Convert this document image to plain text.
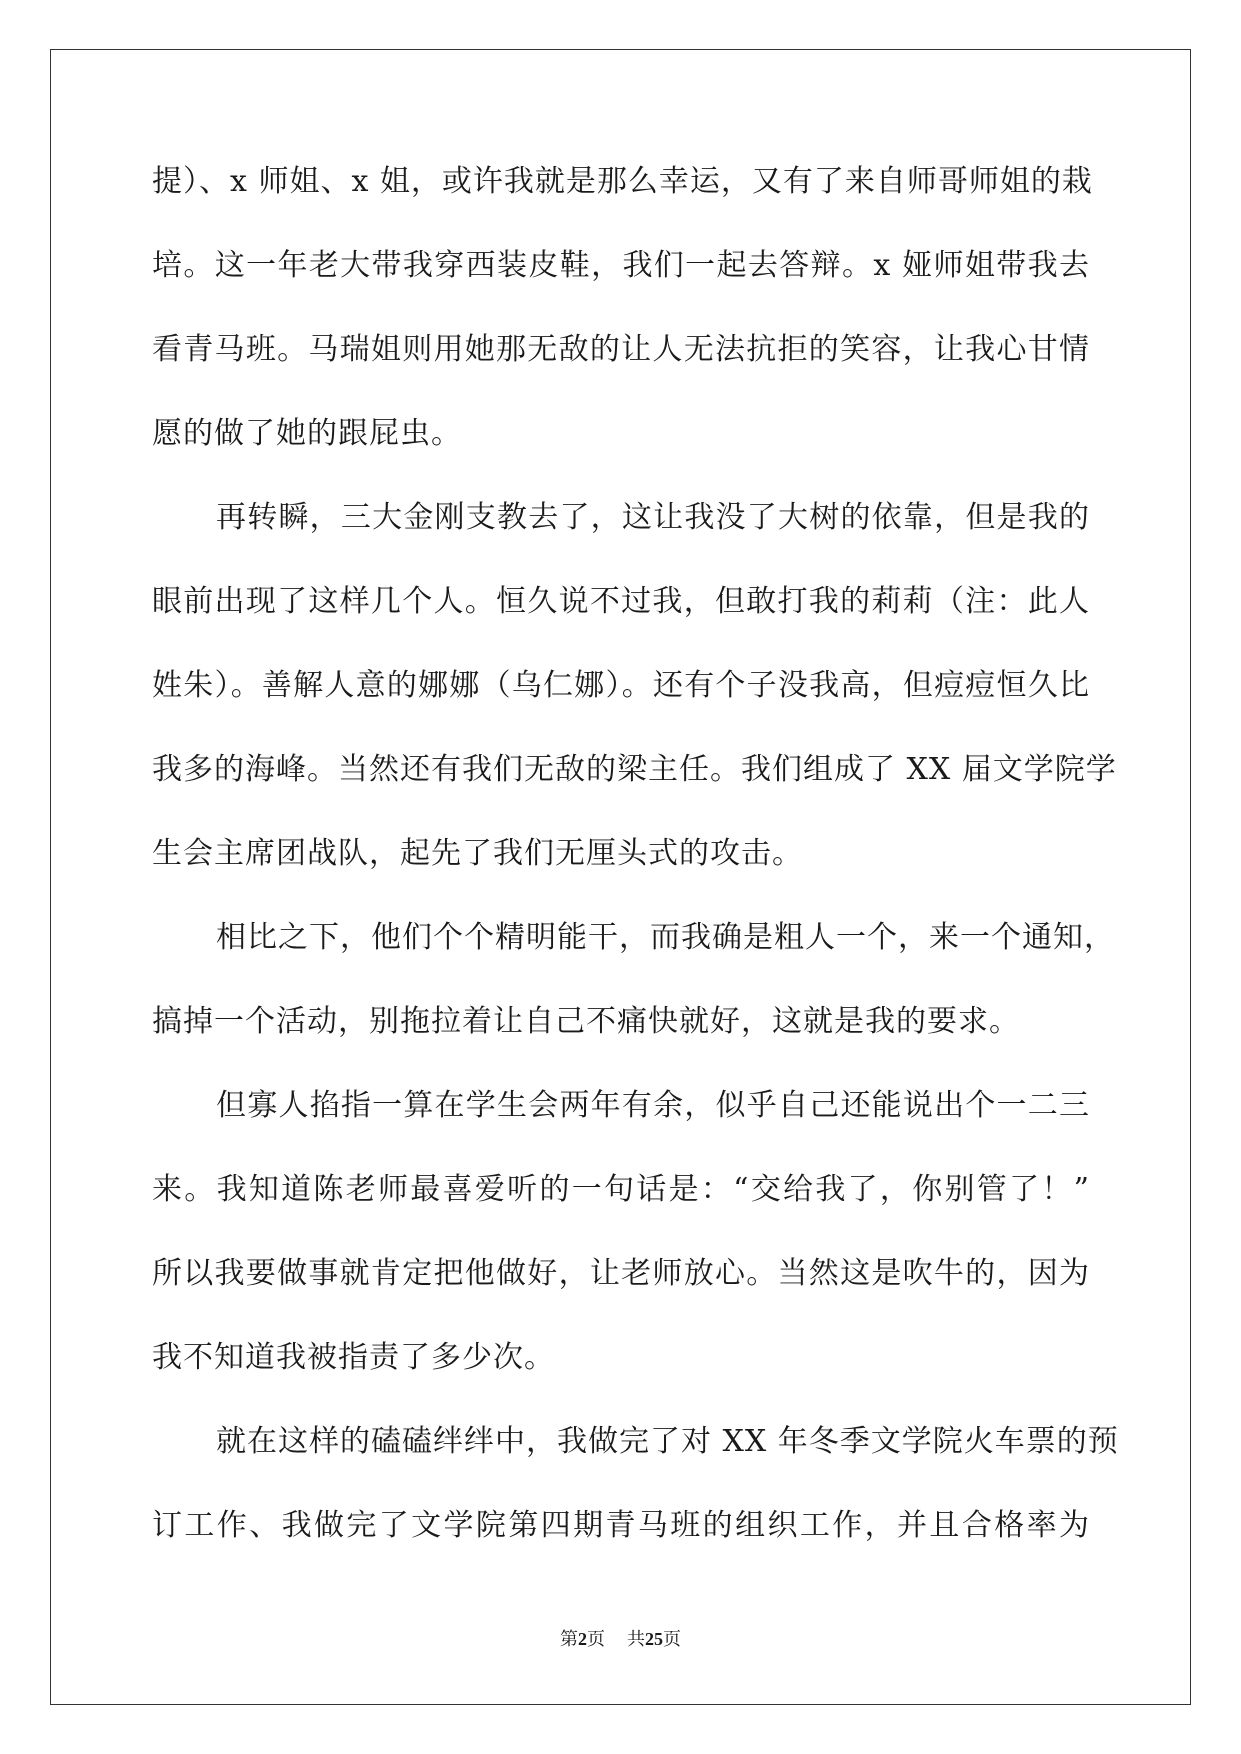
提）、x 师姐、x 姐，或许我就是那么幸运，又有了来自师哥师姐的栽
培。这一年老大带我穿西装皮鞋，我们一起去答辩。x 娅师姐带我去
看青马班。马瑞姐则用她那无敌的让人无法抗拒的笑容，让我心甘情
愿的做了她的跟屁虫。
再转瞬，三大金刚支教去了，这让我没了大树的依靠，但是我的
眼前出现了这样几个人。恒久说不过我，但敢打我的莉莉（注：此人
姓朱）。善解人意的娜娜（乌仁娜）。还有个子没我高，但痘痘恒久比
我多的海峰。当然还有我们无敌的梁主任。我们组成了 XX 届文学院学
生会主席团战队，起先了我们无厘头式的攻击。
相比之下，他们个个精明能干，而我确是粗人一个，来一个通知，
搞掉一个活动，别拖拉着让自己不痛快就好，这就是我的要求。
但寡人掐指一算在学生会两年有余，似乎自己还能说出个一二三
来。我知道陈老师最喜爱听的一句话是：“交给我了，你别管了！”
所以我要做事就肯定把他做好，让老师放心。当然这是吹牛的，因为
我不知道我被指责了多少次。
就在这样的磕磕绊绊中，我做完了对 XX 年冬季文学院火车票的预
订工作、我做完了文学院第四期青马班的组织工作，并且合格率为
第2页 共25页
